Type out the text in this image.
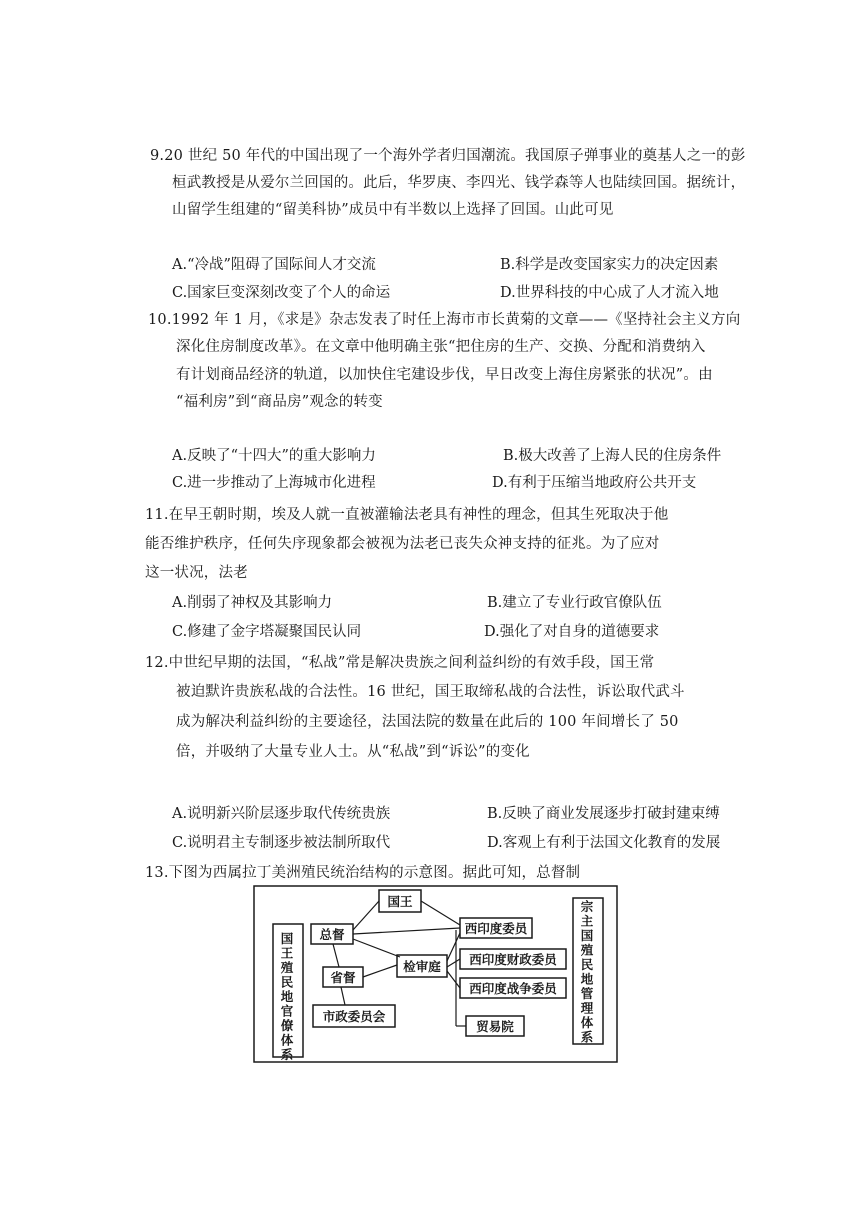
9.20 世纪 50 年代的中国出现了一个海外学者归国潮流。我国原子弹事业的奠基人之一的彭
桓武教授是从爱尔兰回国的。此后，华罗庚、李四光、钱学森等人也陆续回国。据统计，
山留学生组建的“留美科协”成员中有半数以上选择了回国。山此可见
A.“冷战”阻碍了国际间人才交流	B.科学是改变国家实力的决定因素
C.国家巨变深刻改变了个人的命运	D.世界科技的中心成了人才流入地
10.1992 年 1 月，《求是》杂志发表了时任上海市市长黄菊的文章——《坚持社会主义方向
深化住房制度改革》。在文章中他明确主张“把住房的生产、交换、分配和消费纳入
有计划商品经济的轨道，以加快住宅建设步伐，早日改变上海住房紧张的状况”。由
“福利房”到“商品房”观念的转变
A.反映了“十四大”的重大影响力	B.极大改善了上海人民的住房条件
C.进一步推动了上海城市化进程	D.有利于压缩当地政府公共开支
11.在早王朝时期，埃及人就一直被灌输法老具有神性的理念，但其生死取决于他
能否维护秩序，任何失序现象都会被视为法老已丧失众神支持的征兆。为了应对
这一状况，法老
A.削弱了神权及其影响力	B.建立了专业行政官僚队伍
C.修建了金字塔凝聚国民认同	D.强化了对自身的道德要求
12.中世纪早期的法国，“私战”常是解决贵族之间利益纠纷的有效手段，国王常
被迫默许贵族私战的合法性。16 世纪，国王取缔私战的合法性，诉讼取代武斗
成为解决利益纠纷的主要途径，法国法院的数量在此后的 100 年间增长了 50
倍，并吸纳了大量专业人士。从“私战”到“诉讼”的变化
A.说明新兴阶层逐步取代传统贵族	B.反映了商业发展逐步打破封建束缚
C.说明君主专制逐步被法制所取代	D.客观上有利于法国文化教育的发展
13.下图为西属拉丁美洲殖民统治结构的示意图。据此可知，总督制
国王殖民地官僚体系
宗主国殖民地管理体系
国王
总督
省督
市政委员会
检审庭
西印度委员
西印度财政委员
西印度战争委员
贸易院
